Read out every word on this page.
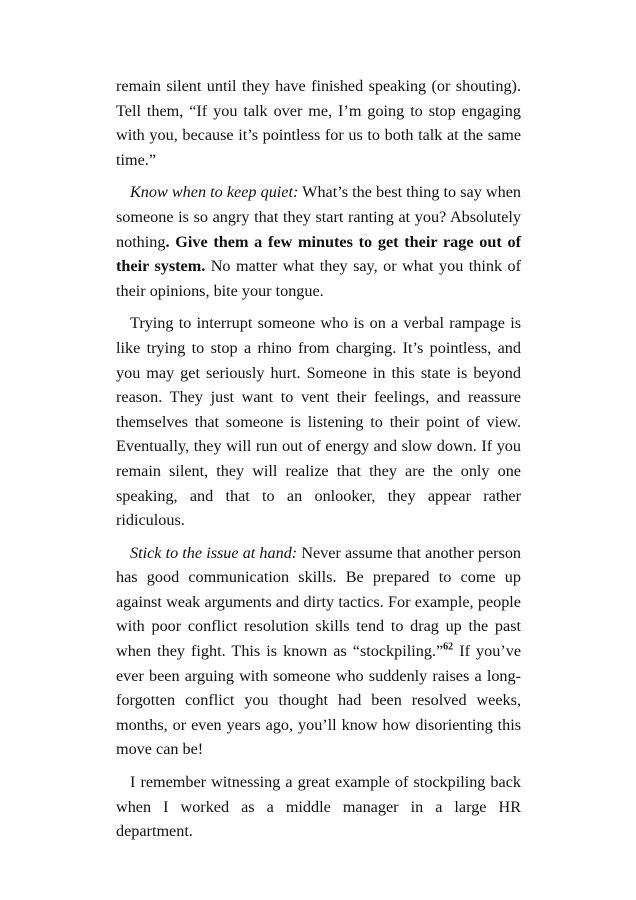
remain silent until they have finished speaking (or shouting). Tell them, “If you talk over me, I’m going to stop engaging with you, because it’s pointless for us to both talk at the same time.”

Know when to keep quiet: What’s the best thing to say when someone is so angry that they start ranting at you? Absolutely nothing. Give them a few minutes to get their rage out of their system. No matter what they say, or what you think of their opinions, bite your tongue.

Trying to interrupt someone who is on a verbal rampage is like trying to stop a rhino from charging. It’s pointless, and you may get seriously hurt. Someone in this state is beyond reason. They just want to vent their feelings, and reassure themselves that someone is listening to their point of view. Eventually, they will run out of energy and slow down. If you remain silent, they will realize that they are the only one speaking, and that to an onlooker, they appear rather ridiculous.

Stick to the issue at hand: Never assume that another person has good communication skills. Be prepared to come up against weak arguments and dirty tactics. For example, people with poor conflict resolution skills tend to drag up the past when they fight. This is known as “stockpiling.”$^{62}$ If you’ve ever been arguing with someone who suddenly raises a long-forgotten conflict you thought had been resolved weeks, months, or even years ago, you’ll know how disorienting this move can be!

I remember witnessing a great example of stockpiling back when I worked as a middle manager in a large HR department.
